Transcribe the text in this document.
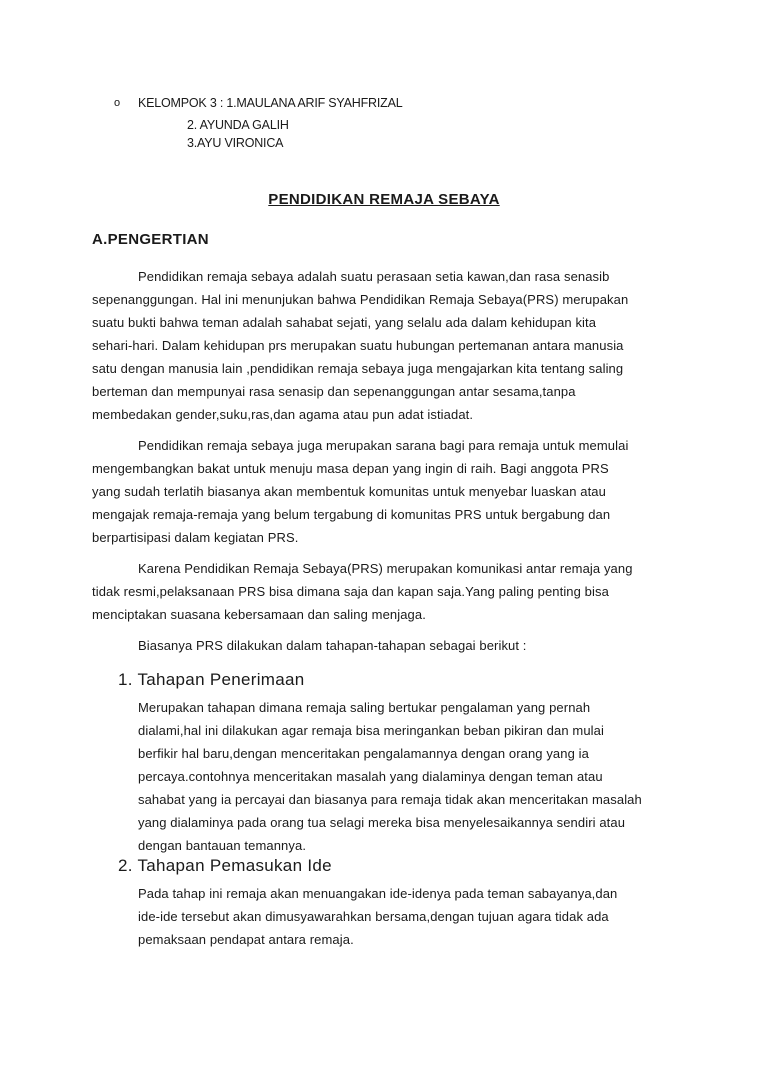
o KELOMPOK 3 : 1.MAULANA ARIF SYAHFRIZAL
2. AYUNDA GALIH
3.AYU VIRONICA
PENDIDIKAN REMAJA SEBAYA
A.PENGERTIAN
Pendidikan remaja sebaya adalah suatu perasaan setia kawan,dan rasa senasib
sepenanggungan. Hal ini menunjukan bahwa Pendidikan Remaja Sebaya(PRS) merupakan
suatu bukti bahwa teman adalah sahabat sejati, yang selalu ada dalam kehidupan kita
sehari-hari. Dalam kehidupan prs merupakan suatu hubungan pertemanan antara manusia
satu dengan manusia lain ,pendidikan remaja sebaya juga mengajarkan kita tentang saling
berteman dan mempunyai rasa senasip dan sepenanggungan antar sesama,tanpa
membedakan gender,suku,ras,dan agama atau pun adat istiadat.
Pendidikan remaja sebaya juga merupakan sarana bagi para remaja untuk memulai
mengembangkan bakat untuk menuju masa depan yang ingin di raih. Bagi anggota PRS
yang sudah terlatih biasanya akan membentuk komunitas untuk menyebar luaskan atau
mengajak remaja-remaja yang belum tergabung di komunitas PRS untuk bergabung dan
berpartisipasi dalam kegiatan PRS.
Karena Pendidikan Remaja Sebaya(PRS) merupakan komunikasi antar remaja yang
tidak resmi,pelaksanaan PRS bisa dimana saja dan kapan saja.Yang paling penting bisa
menciptakan suasana kebersamaan dan saling menjaga.
Biasanya PRS dilakukan dalam tahapan-tahapan sebagai berikut :
1. Tahapan Penerimaan
Merupakan tahapan dimana remaja saling bertukar pengalaman yang pernah
dialami,hal ini dilakukan agar remaja bisa meringankan beban pikiran dan mulai
berfikir hal baru,dengan menceritakan pengalamannya dengan orang yang ia
percaya.contohnya menceritakan masalah yang dialaminya dengan teman atau
sahabat yang ia percayai dan biasanya para remaja tidak akan menceritakan masalah
yang dialaminya pada orang tua selagi mereka bisa menyelesaikannya sendiri atau
dengan bantauan temannya.
2. Tahapan Pemasukan Ide
Pada tahap ini remaja akan menuangakan ide-idenya pada teman sabayanya,dan
ide-ide tersebut akan dimusyawarahkan bersama,dengan tujuan agara tidak ada
pemaksaan pendapat antara remaja.
